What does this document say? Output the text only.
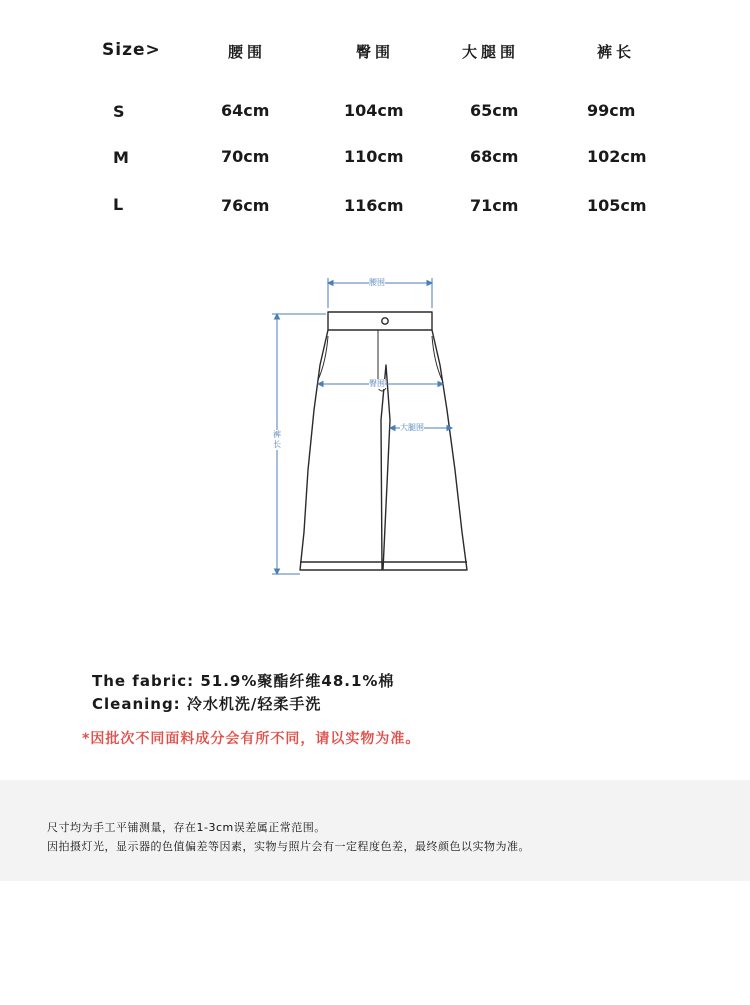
Size>	腰围	臀围	大腿围	裤长
S	64cm	104cm	65cm	99cm
M	70cm	110cm	68cm	102cm
L	76cm	116cm	71cm	105cm
腰围
臀围
大腿围
裤长
The fabric: 51.9%聚酯纤维48.1%棉
Cleaning: 冷水机洗/轻柔手洗
*因批次不同面料成分会有所不同，请以实物为准。
尺寸均为手工平铺测量，存在1-3cm误差属正常范围。
因拍摄灯光，显示器的色值偏差等因素，实物与照片会有一定程度色差，最终颜色以实物为准。
